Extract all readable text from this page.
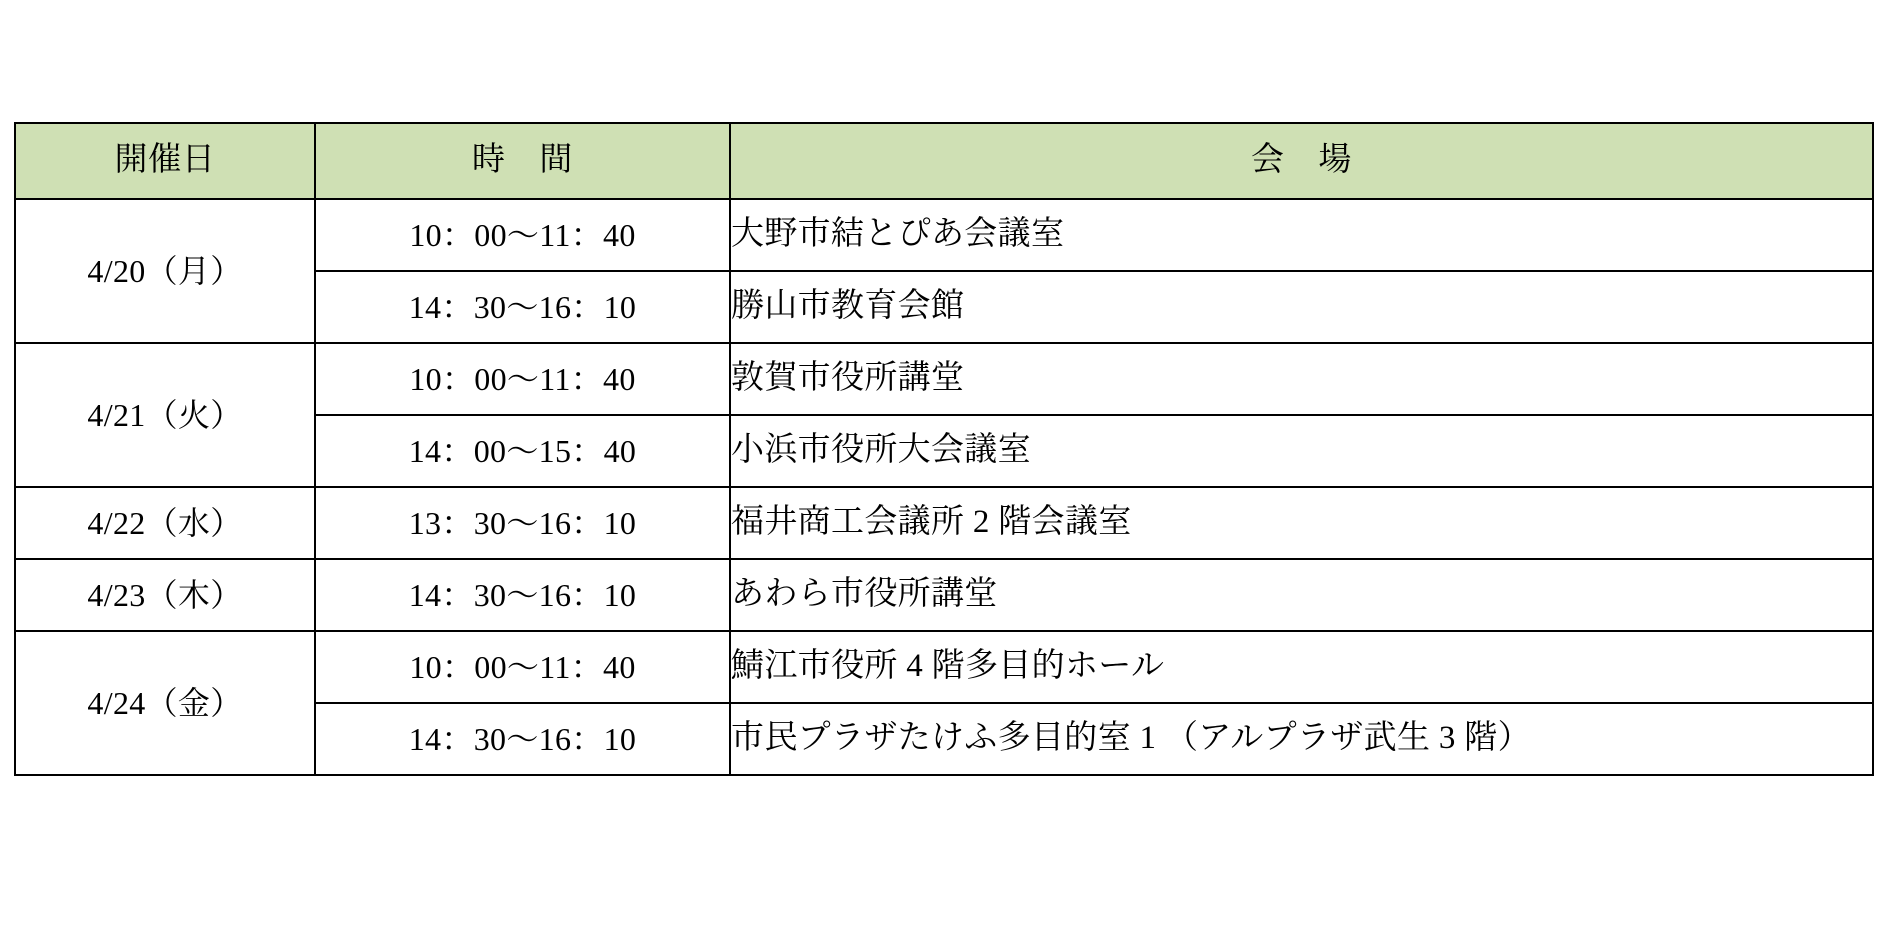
開催日	時　間	会　場
4/20（月）	10：00〜11：40	大野市結とぴあ会議室
	14：30〜16：10	勝山市教育会館
4/21（火）	10：00〜11：40	敦賀市役所講堂
	14：00〜15：40	小浜市役所大会議室
4/22（水）	13：30〜16：10	福井商工会議所 2 階会議室
4/23（木）	14：30〜16：10	あわら市役所講堂
4/24（金）	10：00〜11：40	鯖江市役所 4 階多目的ホール
	14：30〜16：10	市民プラザたけふ多目的室 1 （アルプラザ武生 3 階）
